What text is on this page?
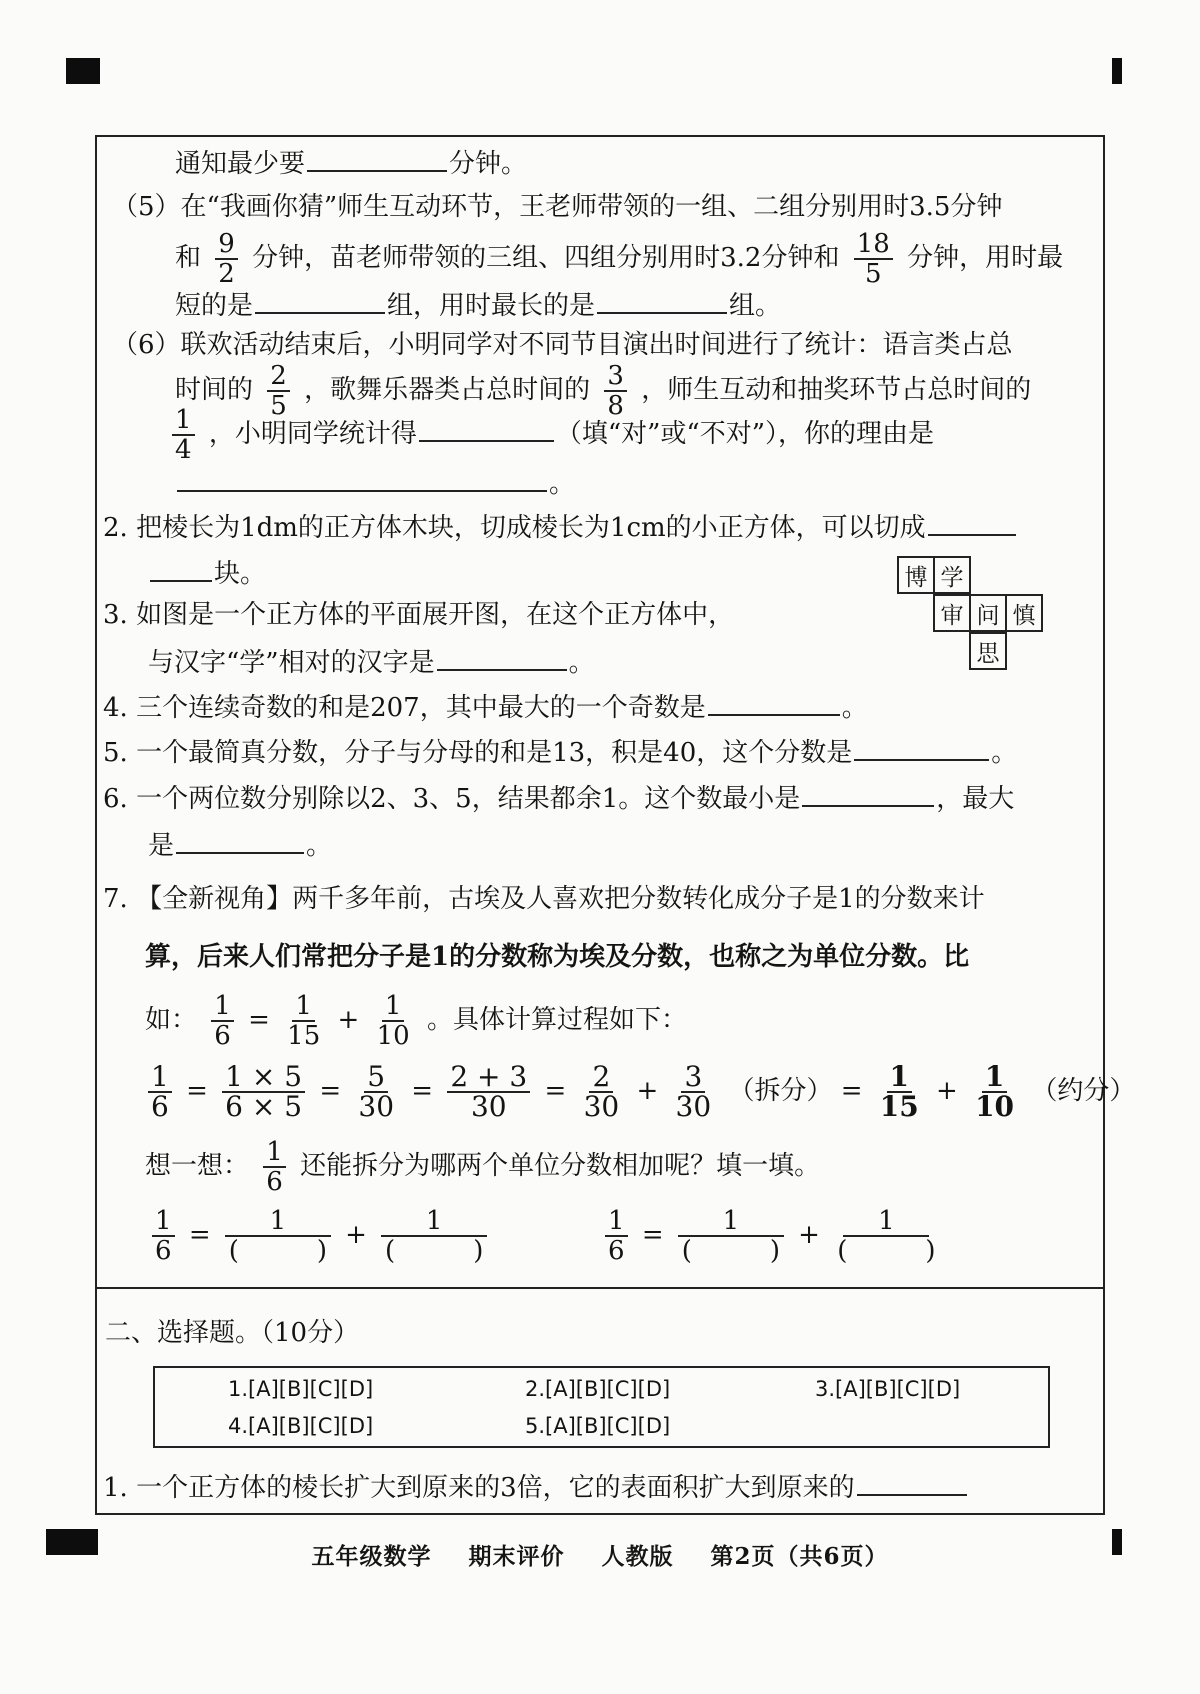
通知最少要	分钟。
（5）在“我画你猜”师生互动环节，王老师带领的一组、二组分别用时3.5分钟
和 $\frac{9}{2}$ 分钟，苗老师带领的三组、四组分别用时3.2分钟和 $\frac{18}{5}$ 分钟，用时最
短的是	组，用时最长的是	组。
（6）联欢活动结束后，小明同学对不同节目演出时间进行了统计：语言类占总
时间的 $\frac{2}{5}$ ，歌舞乐器类占总时间的 $\frac{3}{8}$ ，师生互动和抽奖环节占总时间的
$\frac{1}{4}$ ，小明同学统计得	（填“对”或“不对”），你的理由是
。
2. 把棱长为1dm的正方体木块，切成棱长为1cm的小正方体，可以切成
块。
3. 如图是一个正方体的平面展开图，在这个正方体中，
与汉字“学”相对的汉字是	。
博 学
审 问 慎
思
4. 三个连续奇数的和是207，其中最大的一个奇数是	。
5. 一个最简真分数，分子与分母的和是13，积是40，这个分数是	。
6. 一个两位数分别除以2、3、5，结果都余1。这个数最小是	，最大
是	。
7. 【全新视角】两千多年前，古埃及人喜欢把分数转化成分子是1的分数来计
算，后来人们常把分子是1的分数称为埃及分数，也称之为单位分数。比
如： $\frac{1}{6} = \frac{1}{15} + \frac{1}{10}$ 。具体计算过程如下：
$\frac{1}{6} = \frac{1 \times 5}{6 \times 5} = \frac{5}{30} = \frac{2 + 3}{30} = \frac{2}{30} + \frac{3}{30}$ （拆分） = $\frac{1}{15} + \frac{1}{10}$ （约分）
想一想： $\frac{1}{6}$ 还能拆分为哪两个单位分数相加呢？填一填。
$\frac{1}{6} = \frac{1}{( )} + \frac{1}{( )}$	$\frac{1}{6} = \frac{1}{( )} + \frac{1}{( )}$
二、选择题。（10分）
1.[A][B][C][D]	2.[A][B][C][D]	3.[A][B][C][D]
4.[A][B][C][D]	5.[A][B][C][D]
1. 一个正方体的棱长扩大到原来的3倍，它的表面积扩大到原来的
五年级数学 期末评价 人教版 第2页（共6页）
